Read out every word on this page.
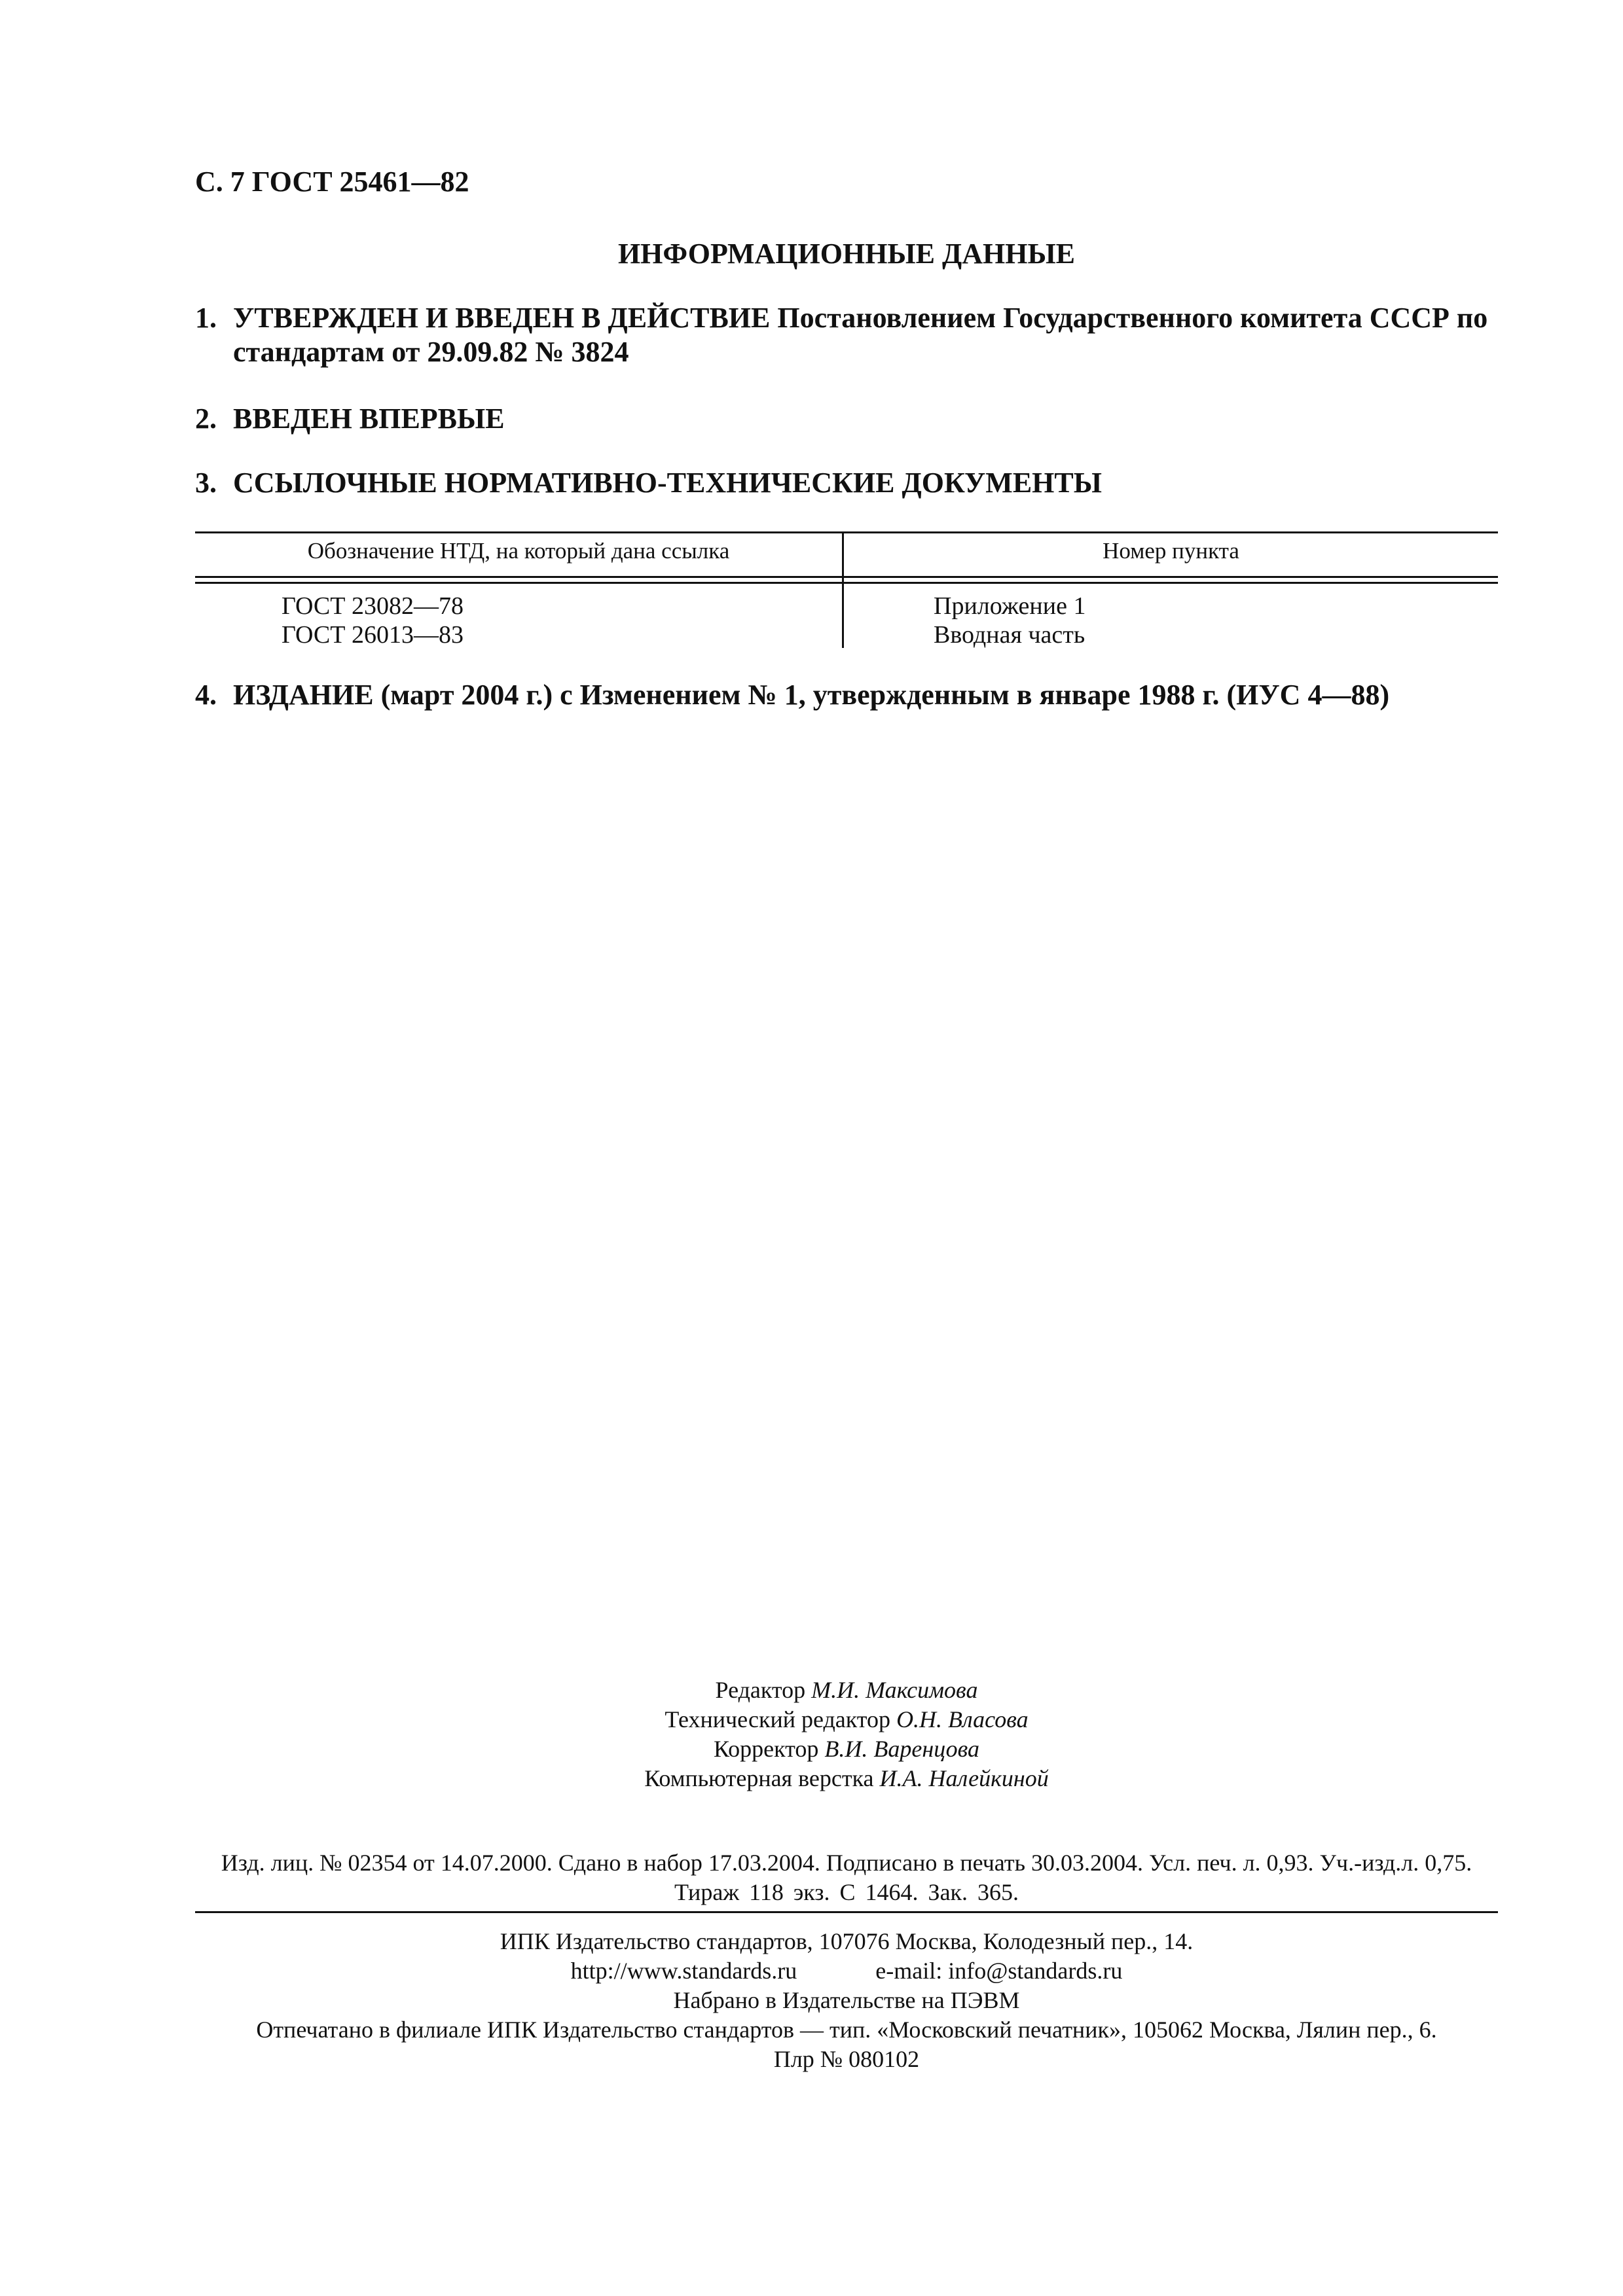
С. 7 ГОСТ 25461—82
ИНФОРМАЦИОННЫЕ ДАННЫЕ
1. УТВЕРЖДЕН И ВВЕДЕН В ДЕЙСТВИЕ Постановлением Государственного комитета СССР по стандартам от 29.09.82 № 3824
2. ВВЕДЕН ВПЕРВЫЕ
3. ССЫЛОЧНЫЕ НОРМАТИВНО-ТЕХНИЧЕСКИЕ ДОКУМЕНТЫ
Обозначение НТД, на который дана ссылка	Номер пункта
ГОСТ 23082—78
ГОСТ 26013—83
Приложение 1
Вводная часть
4. ИЗДАНИЕ (март 2004 г.) с Изменением № 1, утвержденным в январе 1988 г. (ИУС 4—88)
Редактор М.И. Максимова
Технический редактор О.Н. Власова
Корректор В.И. Варенцова
Компьютерная верстка И.А. Налейкиной
Изд. лиц. № 02354 от 14.07.2000. Сдано в набор 17.03.2004. Подписано в печать 30.03.2004. Усл. печ. л. 0,93. Уч.-изд.л. 0,75.
Тираж 118 экз. С 1464. Зак. 365.
ИПК Издательство стандартов, 107076 Москва, Колодезный пер., 14.
http://www.standards.ru	e-mail: info@standards.ru
Набрано в Издательстве на ПЭВМ
Отпечатано в филиале ИПК Издательство стандартов — тип. «Московский печатник», 105062 Москва, Лялин пер., 6.
Плр № 080102
